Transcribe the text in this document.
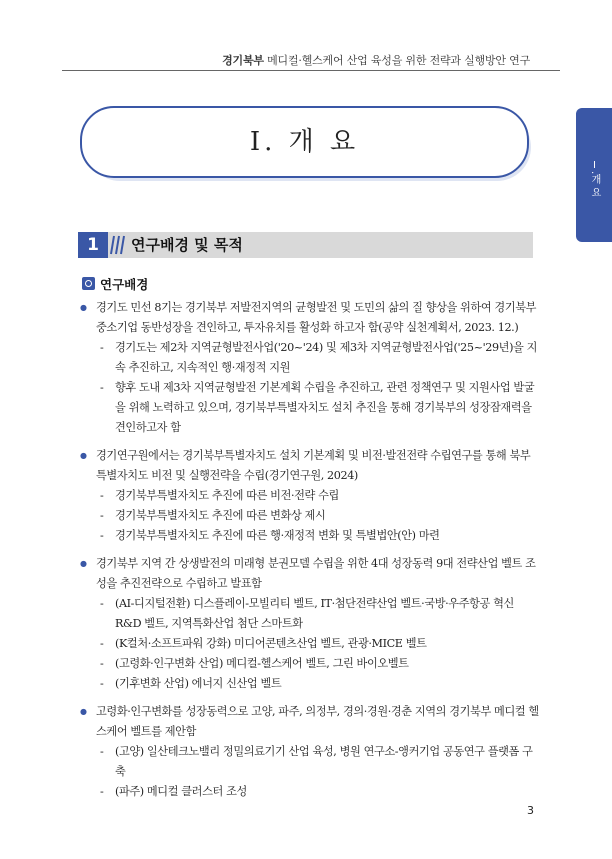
경기북부 메디컬·헬스케어 산업 육성을 위한 전략과 실행방안 연구
Ⅰ.개 요
Ⅰ. 개 요
1	연구배경 및 목적
연구배경

● 경기도 민선 8기는 경기북부 저발전지역의 균형발전 및 도민의 삶의 질 향상을 위하여 경기북부 중소기업 동반성장을 견인하고, 투자유치를 활성화 하고자 함(공약 실천계획서, 2023. 12.)

- 경기도는 제2차 지역균형발전사업('20~'24) 및 제3차 지역균형발전사업('25~'29년)을 지속 추진하고, 지속적인 행·재정적 지원

- 향후 도내 제3차 지역균형발전 기본계획 수립을 추진하고, 관련 정책연구 및 지원사업 발굴을 위해 노력하고 있으며, 경기북부특별자치도 설치 추진을 통해 경기북부의 성장잠재력을 견인하고자 함

● 경기연구원에서는 경기북부특별자치도 설치 기본계획 및 비전·발전전략 수립연구를 통해 북부특별자치도 비전 및 실행전략을 수립(경기연구원, 2024)

- 경기북부특별자치도 추진에 따른 비전·전략 수립

- 경기북부특별자치도 추진에 따른 변화상 제시

- 경기북부특별자치도 추진에 따른 행·재정적 변화 및 특별법안(안) 마련

● 경기북부 지역 간 상생발전의 미래형 분권모델 수립을 위한 4대 성장동력 9대 전략산업 벨트 조성을 추진전략으로 수립하고 발표함

- (AI-디지털전환) 디스플레이-모빌리티 벨트, IT·첨단전략산업 벨트·국방·우주항공 혁신 R&D 벨트, 지역특화산업 첨단 스마트화

- (K컬처·소프트파워 강화) 미디어콘텐츠산업 벨트, 관광·MICE 벨트

- (고령화·인구변화 산업) 메디컬-헬스케어 벨트, 그린 바이오벨트

- (기후변화 산업) 에너지 신산업 벨트

● 고령화·인구변화를 성장동력으로 고양, 파주, 의정부, 경의·경원·경춘 지역의 경기북부 메디컬 헬스케어 벨트를 제안함

- (고양) 일산테크노밸리 정밀의료기기 산업 육성, 병원 연구소-앵커기업 공동연구 플랫폼 구축

- (파주) 메디컬 클러스터 조성

3
